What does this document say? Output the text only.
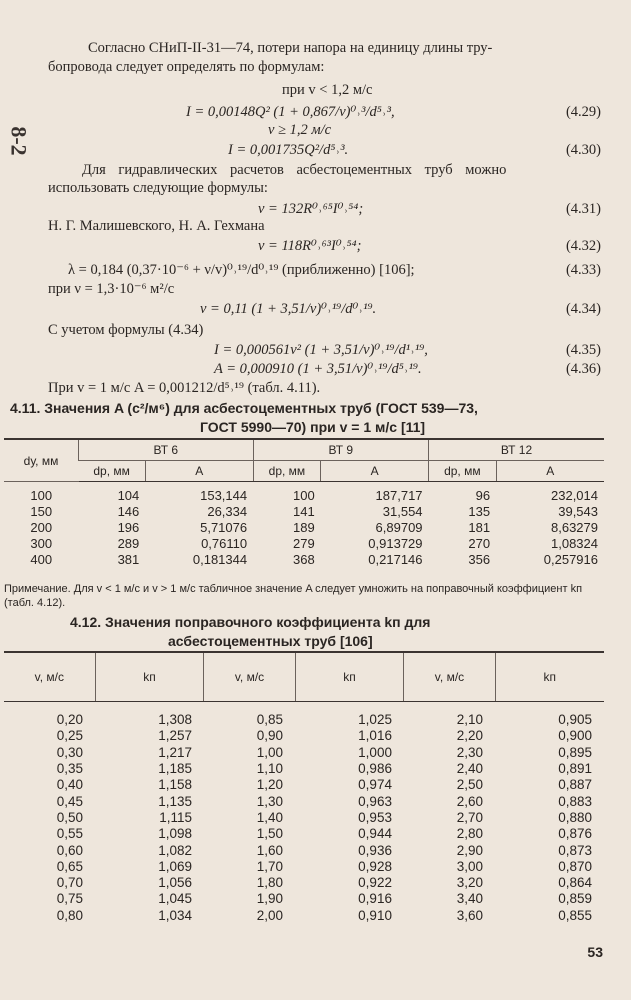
8-2
Согласно СНиП-II-31—74, потери напора на единицу длины тру-
бопровода следует определять по формулам:
при v < 1,2 м/с
I = 0,00148Q² (1 + 0,867/v)⁰˒³/d⁵˒³,	(4.29)
v ≥ 1,2 м/с
I = 0,001735Q²/d⁵˒³.	(4.30)
Для гидравлических расчетов асбестоцементных труб можно
использовать следующие формулы:
v = 132R⁰˒⁶⁵I⁰˒⁵⁴;	(4.31)
Н. Г. Малишевского, Н. А. Гехмана
v = 118R⁰˒⁶³I⁰˒⁵⁴;	(4.32)
λ = 0,184 (0,37·10⁻⁶ + ν/v)⁰˒¹⁹/d⁰˒¹⁹ (приближенно) [106];	(4.33)
при ν = 1,3·10⁻⁶ м²/с
ν = 0,11 (1 + 3,51/v)⁰˒¹⁹/d⁰˒¹⁹.	(4.34)
С учетом формулы (4.34)
I = 0,000561v² (1 + 3,51/v)⁰˒¹⁹/d¹˒¹⁹,	(4.35)
A = 0,000910 (1 + 3,51/v)⁰˒¹⁹/d⁵˒¹⁹.	(4.36)
При v = 1 м/с A = 0,001212/d⁵˒¹⁹ (табл. 4.11).
4.11. Значения A (с²/м⁶) для асбестоцементных труб (ГОСТ 539—73,
ГОСТ 5990—70) при v = 1 м/с [11]
dу, мм	ВТ 6		ВТ 9		ВТ 12	
	dр, мм	A	dр, мм	A	dр, мм	A
100	104	153,144	100	187,717	96	232,014
150	146	26,334	141	31,554	135	39,543
200	196	5,71076	189	6,89709	181	8,63279
300	289	0,76110	279	0,913729	270	1,08324
400	381	0,181344	368	0,217146	356	0,257916
Примечание. Для v < 1 м/с и v > 1 м/с табличное значение A следует умножить на поправочный коэффициент kп (табл. 4.12).
4.12. Значения поправочного коэффициента kп для
асбестоцементных труб [106]
v, м/с	kп	v, м/с	kп	v, м/с	kп
0,20	1,308	0,85	1,025	2,10	0,905
0,25	1,257	0,90	1,016	2,20	0,900
0,30	1,217	1,00	1,000	2,30	0,895
0,35	1,185	1,10	0,986	2,40	0,891
0,40	1,158	1,20	0,974	2,50	0,887
0,45	1,135	1,30	0,963	2,60	0,883
0,50	1,115	1,40	0,953	2,70	0,880
0,55	1,098	1,50	0,944	2,80	0,876
0,60	1,082	1,60	0,936	2,90	0,873
0,65	1,069	1,70	0,928	3,00	0,870
0,70	1,056	1,80	0,922	3,20	0,864
0,75	1,045	1,90	0,916	3,40	0,859
0,80	1,034	2,00	0,910	3,60	0,855
53
